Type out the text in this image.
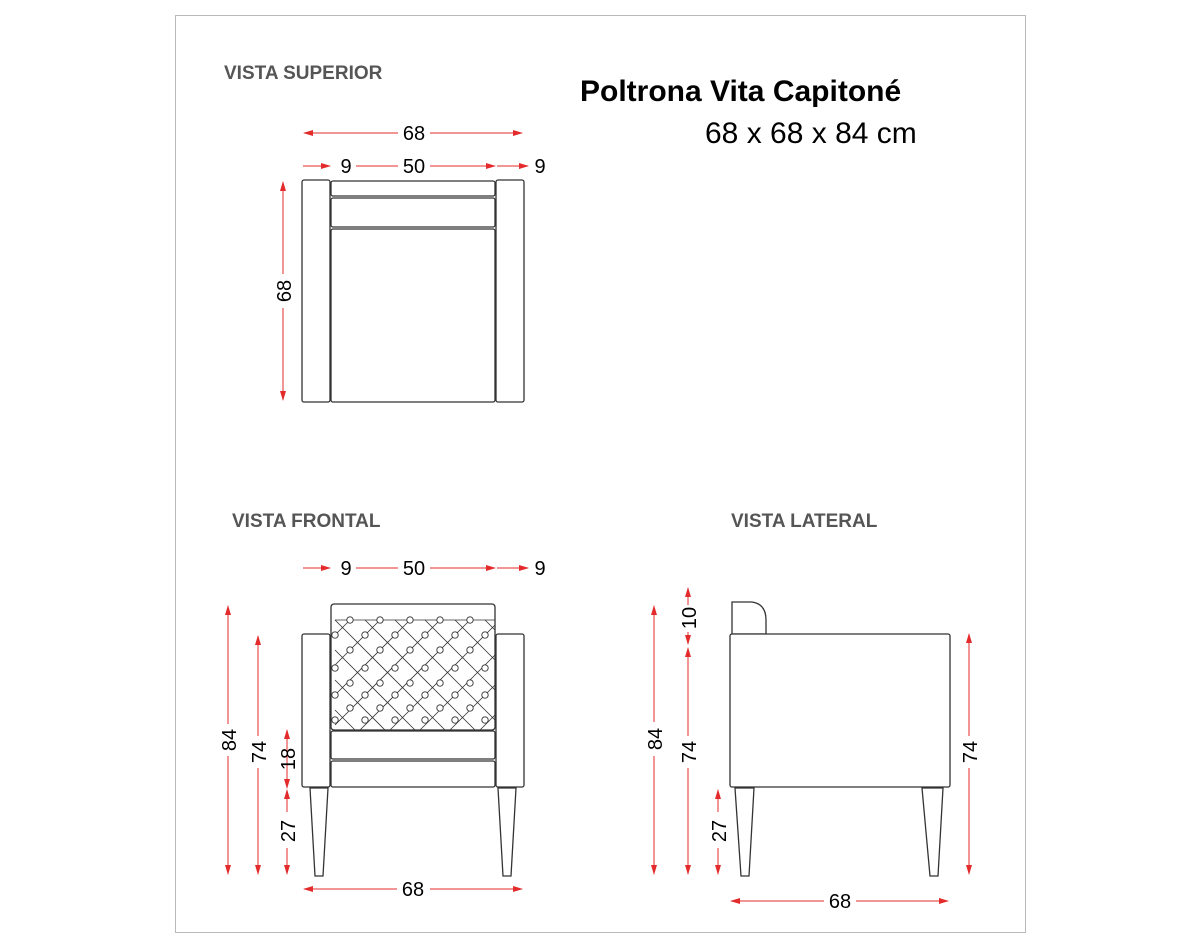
Poltrona Vita Capitoné
68 x 68 x 84 cm
VISTA SUPERIOR
VISTA FRONTAL	VISTA LATERAL
68
9	50	9
68
9	50	9
84
74 18
27
68
10
84
74
27
74
68
